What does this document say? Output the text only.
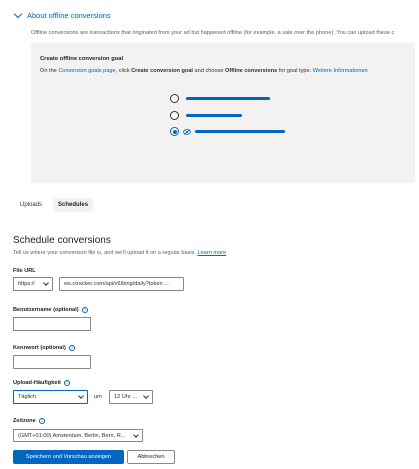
About offline conversions
Offline conversions are transactions that originated from your ad but happened offline (for example, a sale over the phone). You can upload these c
Create offline conversion goal
On the Conversion goals page, click Create conversion goal and choose Offline conversions for goal type. Weitere Informationen
Uploads	Schedules
Schedule conversions
Tell us where your conversion file is, and we'll upload it on a regular basis. Learn more
File URL
https://	ws.ctracker.com/api/v6/bing/daily?token ...
Benutzername (optional)	?
Kennwort (optional)	?
Upload-Häufigkeit	?
Täglich	um 12 Uhr ...
Zeitzone	?
(GMT+01:00) Amsterdam, Berlin, Bern, R...
Speichern und Vorschau anzeigen	Abbrechen
